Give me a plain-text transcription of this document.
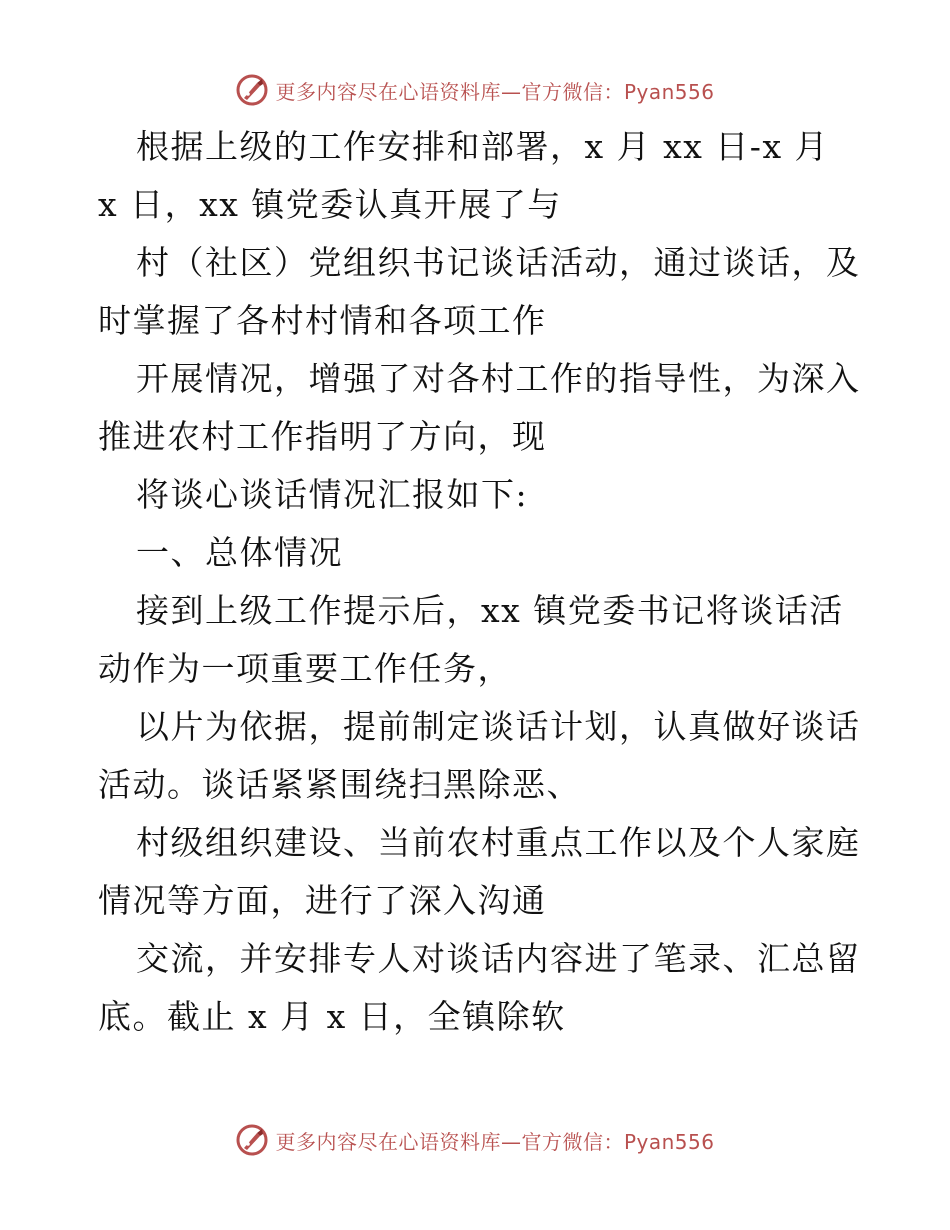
更多内容尽在心语资料库—官方微信：Pyan556
根据上级的工作安排和部署，x 月 xx 日-x 月
x 日，xx 镇党委认真开展了与
村（社区）党组织书记谈话活动，通过谈话，及
时掌握了各村村情和各项工作
开展情况，增强了对各村工作的指导性，为深入
推进农村工作指明了方向，现
将谈心谈话情况汇报如下:
一、总体情况
接到上级工作提示后，xx 镇党委书记将谈话活
动作为一项重要工作任务，
以片为依据，提前制定谈话计划，认真做好谈话
活动。谈话紧紧围绕扫黑除恶、
村级组织建设、当前农村重点工作以及个人家庭
情况等方面，进行了深入沟通
交流，并安排专人对谈话内容进了笔录、汇总留
底。截止 x 月 x 日，全镇除软
更多内容尽在心语资料库—官方微信：Pyan556
